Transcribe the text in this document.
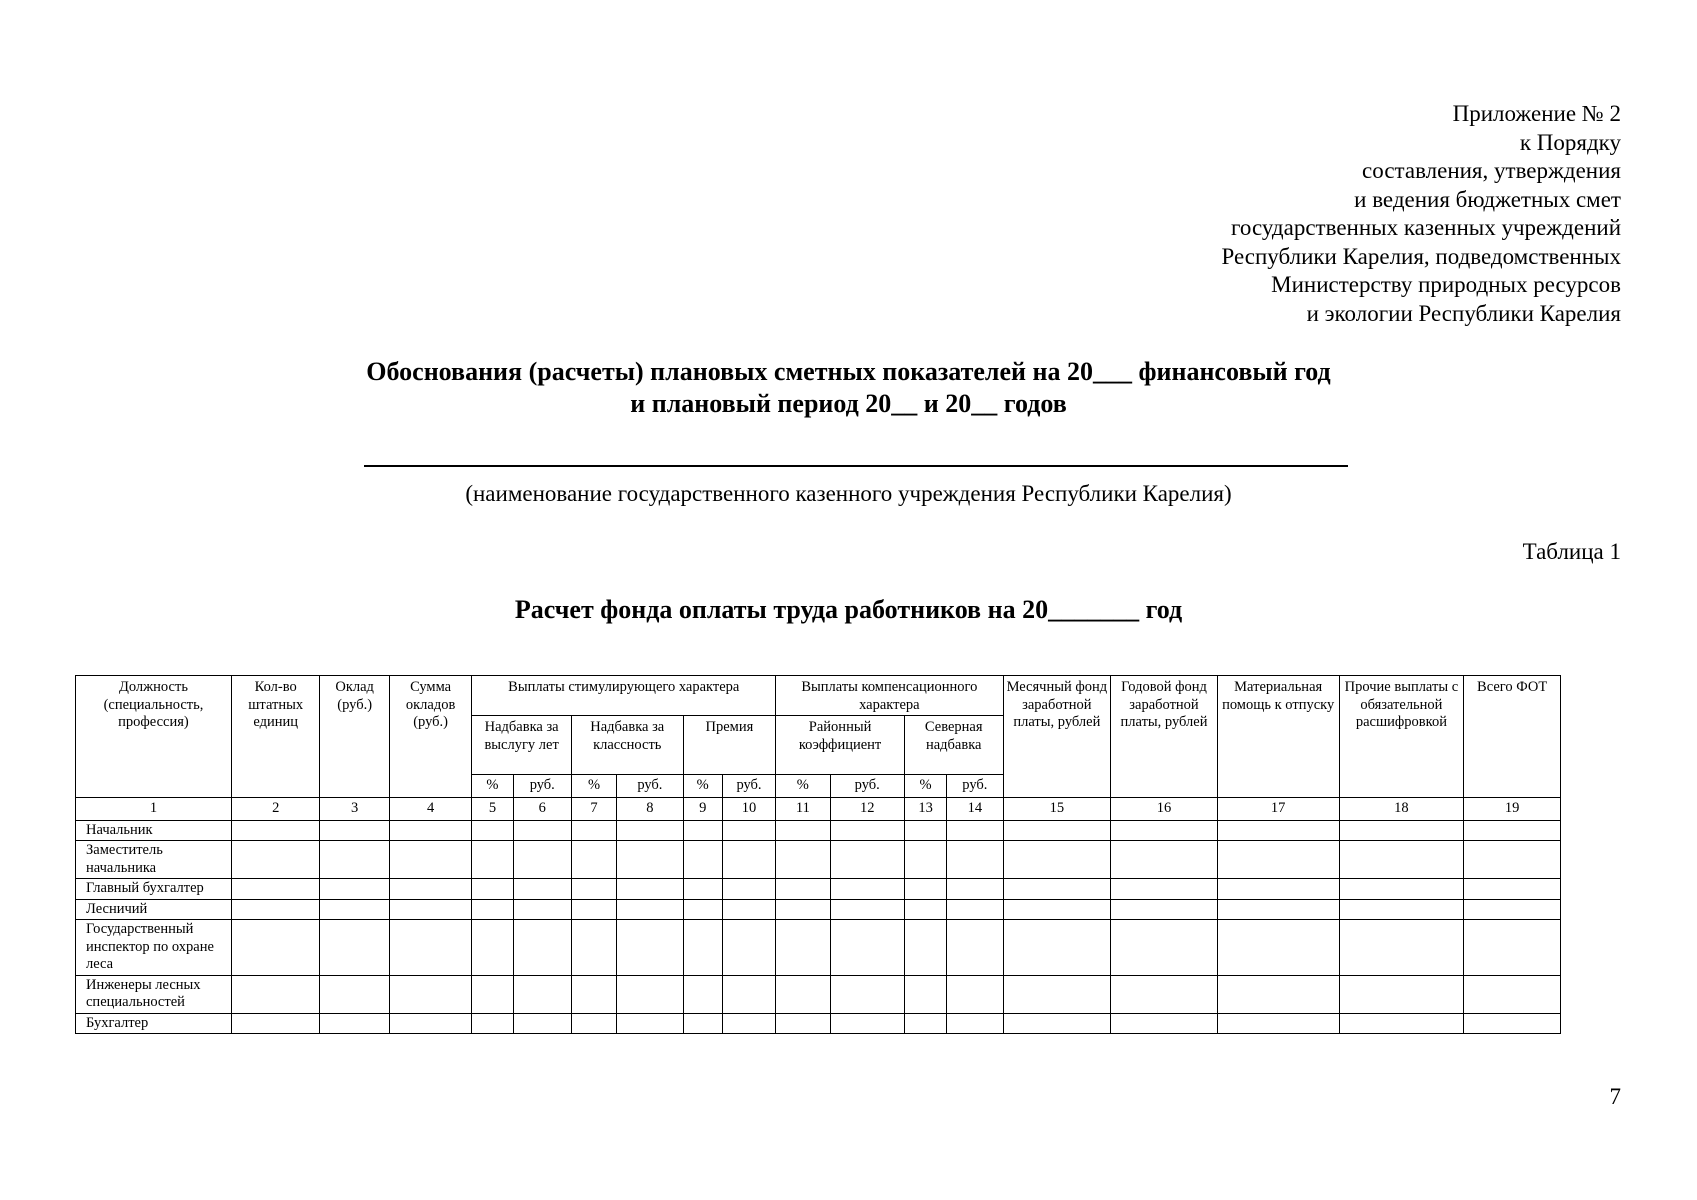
Приложение № 2
к Порядку
составления, утверждения
и ведения бюджетных смет
государственных казенных учреждений
Республики Карелия, подведомственных
Министерству природных ресурсов
и экологии Республики Карелия
Обоснования (расчеты) плановых сметных показателей на 20___ финансовый год
и плановый период 20__ и 20__ годов
(наименование государственного казенного учреждения Республики Карелия)
Таблица 1
Расчет фонда оплаты труда работников на 20_______ год
Должность (специальность, профессия)	Кол-во штатных единиц	Оклад (руб.)	Сумма окладов (руб.)	Выплаты стимулирующего характера						Выплаты компенсационного характера				Месячный фонд заработной платы, рублей	Годовой фонд заработной платы, рублей	Материальная помощь к отпуску	Прочие выплаты с обязательной расшифровкой	Всего ФОТ
				Надбавка за выслугу лет		Надбавка за классность		Премия		Районный коэффициент		Северная надбавка						
				%	руб.	%	руб.	%	руб.	%	руб.	%	руб.					
1	2	3	4	5	6	7	8	9	10	11	12	13	14	15	16	17	18	19
Начальник																		
Заместитель начальника																		
Главный бухгалтер																		
Лесничий																		
Государственный инспектор по охране леса																		
Инженеры лесных специальностей																		
Бухгалтер																		
7
